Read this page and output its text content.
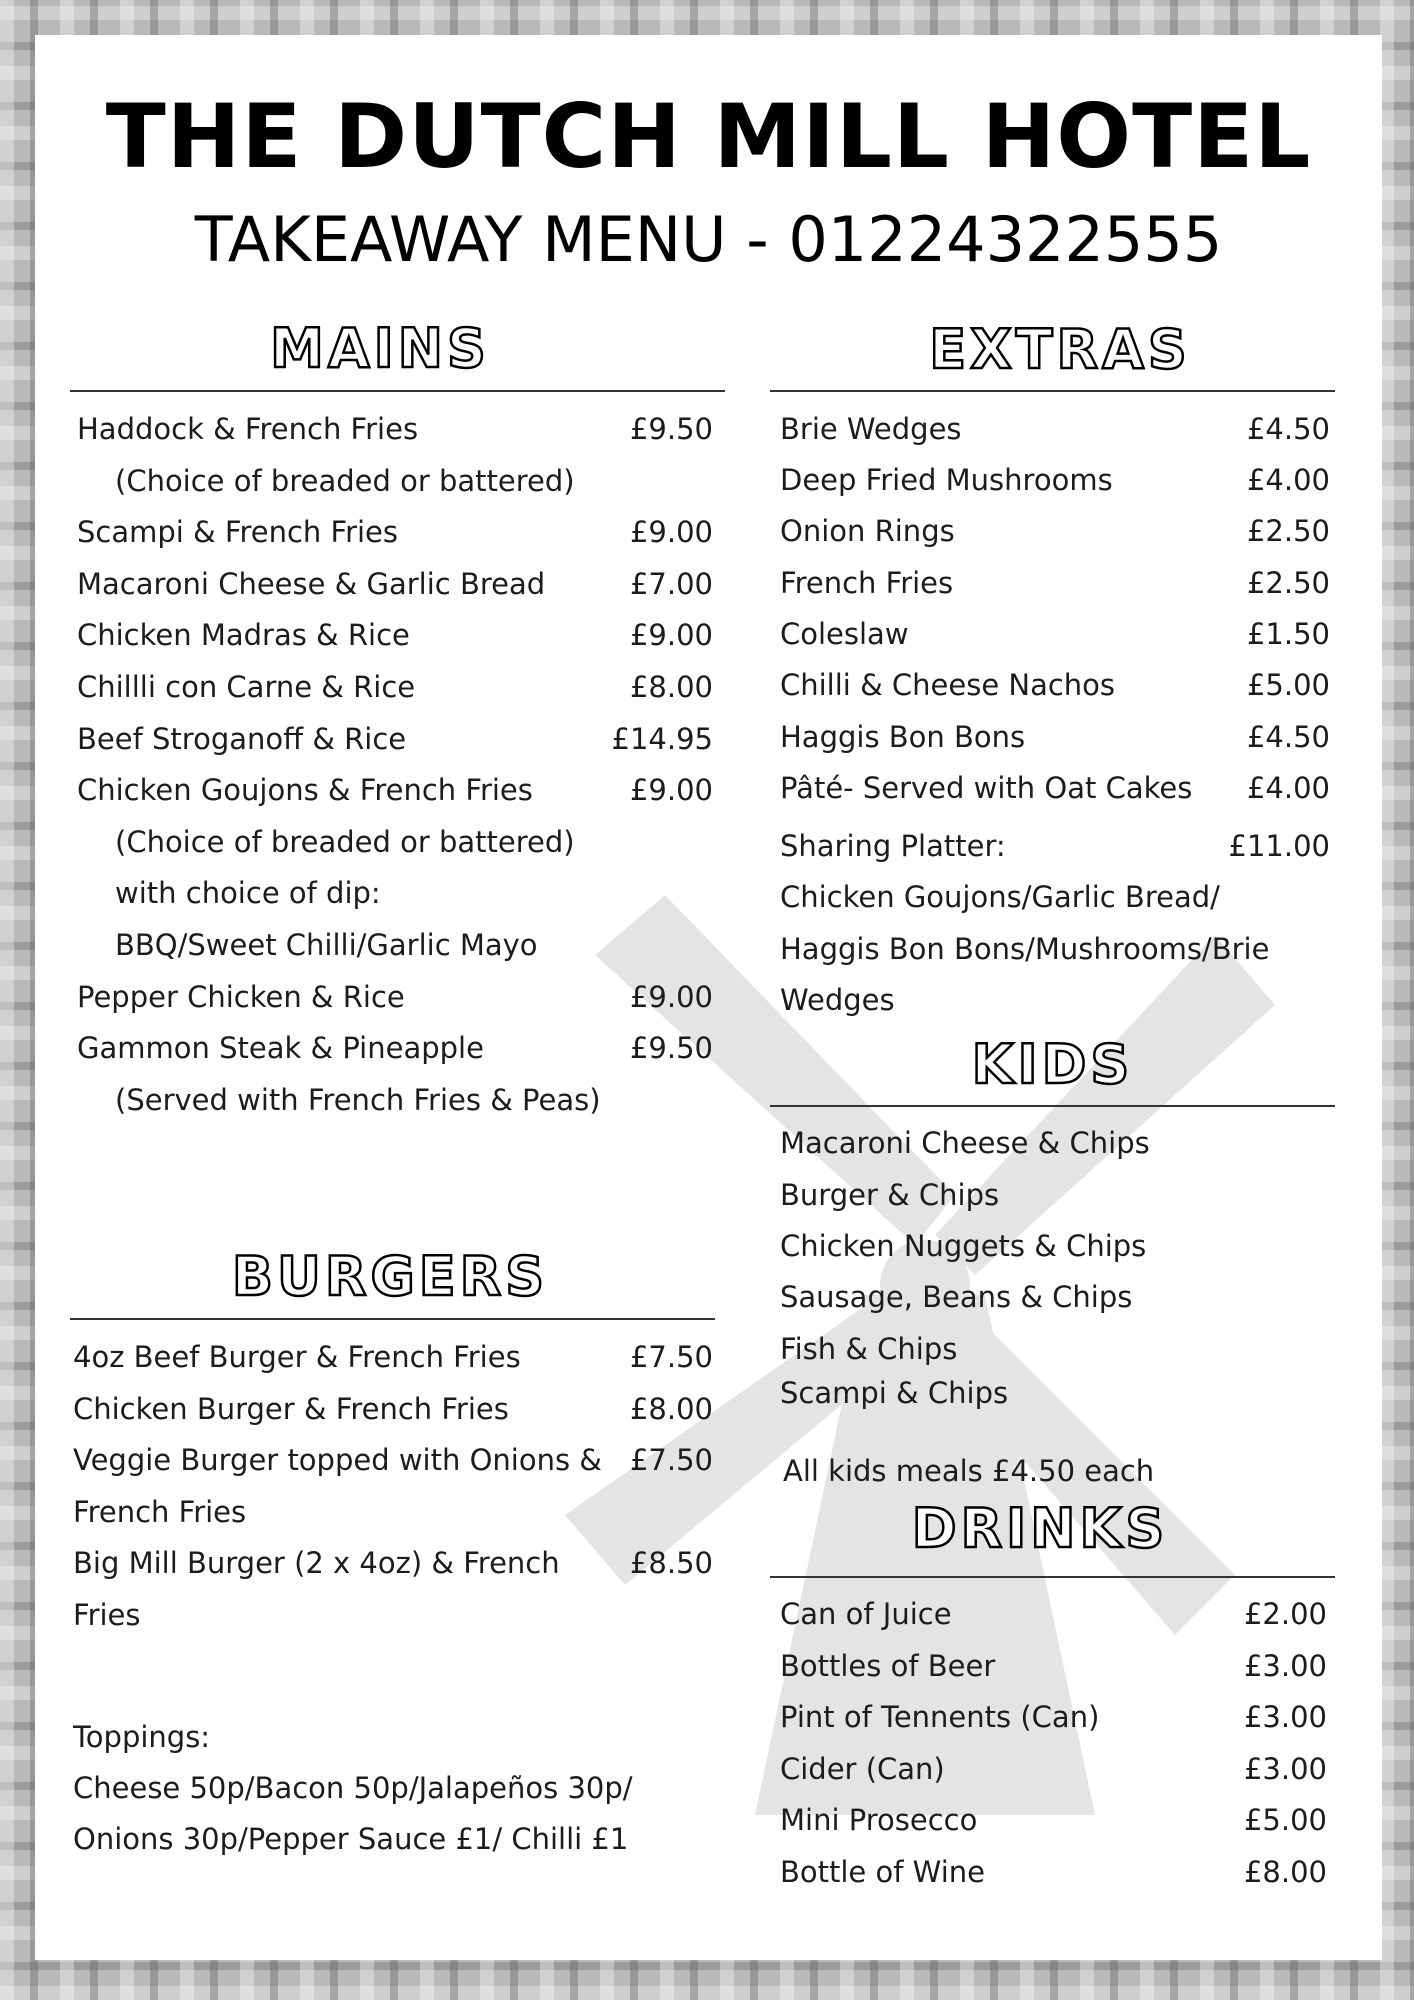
THE DUTCH MILL HOTEL
TAKEAWAY MENU - 01224322555
MAINS
Haddock & French Fries	£9.50
(Choice of breaded or battered)
Scampi & French Fries	£9.00
Macaroni Cheese & Garlic Bread	£7.00
Chicken Madras & Rice	£9.00
Chillli con Carne & Rice	£8.00
Beef Stroganoff & Rice	£14.95
Chicken Goujons & French Fries	£9.00
(Choice of breaded or battered)
with choice of dip:
BBQ/Sweet Chilli/Garlic Mayo
Pepper Chicken & Rice	£9.00
Gammon Steak & Pineapple	£9.50
(Served with French Fries & Peas)
BURGERS
4oz Beef Burger & French Fries	£7.50
Chicken Burger & French Fries	£8.00
Veggie Burger topped with Onions & £7.50
French Fries
Big Mill Burger (2 x 4oz) & French £8.50
Fries
Toppings:
Cheese 50p/Bacon 50p/Jalapeños 30p/
Onions 30p/Pepper Sauce £1/ Chilli £1
EXTRAS
Brie Wedges	£4.50
Deep Fried Mushrooms	£4.00
Onion Rings	£2.50
French Fries	£2.50
Coleslaw	£1.50
Chilli & Cheese Nachos	£5.00
Haggis Bon Bons	£4.50
Pâté- Served with Oat Cakes £4.00
Sharing Platter:	£11.00
Chicken Goujons/Garlic Bread/
Haggis Bon Bons/Mushrooms/Brie
Wedges
KIDS
Macaroni Cheese & Chips
Burger & Chips
Chicken Nuggets & Chips
Sausage, Beans & Chips
Fish & Chips
Scampi & Chips
All kids meals £4.50 each
DRINKS
Can of Juice	£2.00
Bottles of Beer	£3.00
Pint of Tennents (Can)	£3.00
Cider (Can)	£3.00
Mini Prosecco	£5.00
Bottle of Wine	£8.00
